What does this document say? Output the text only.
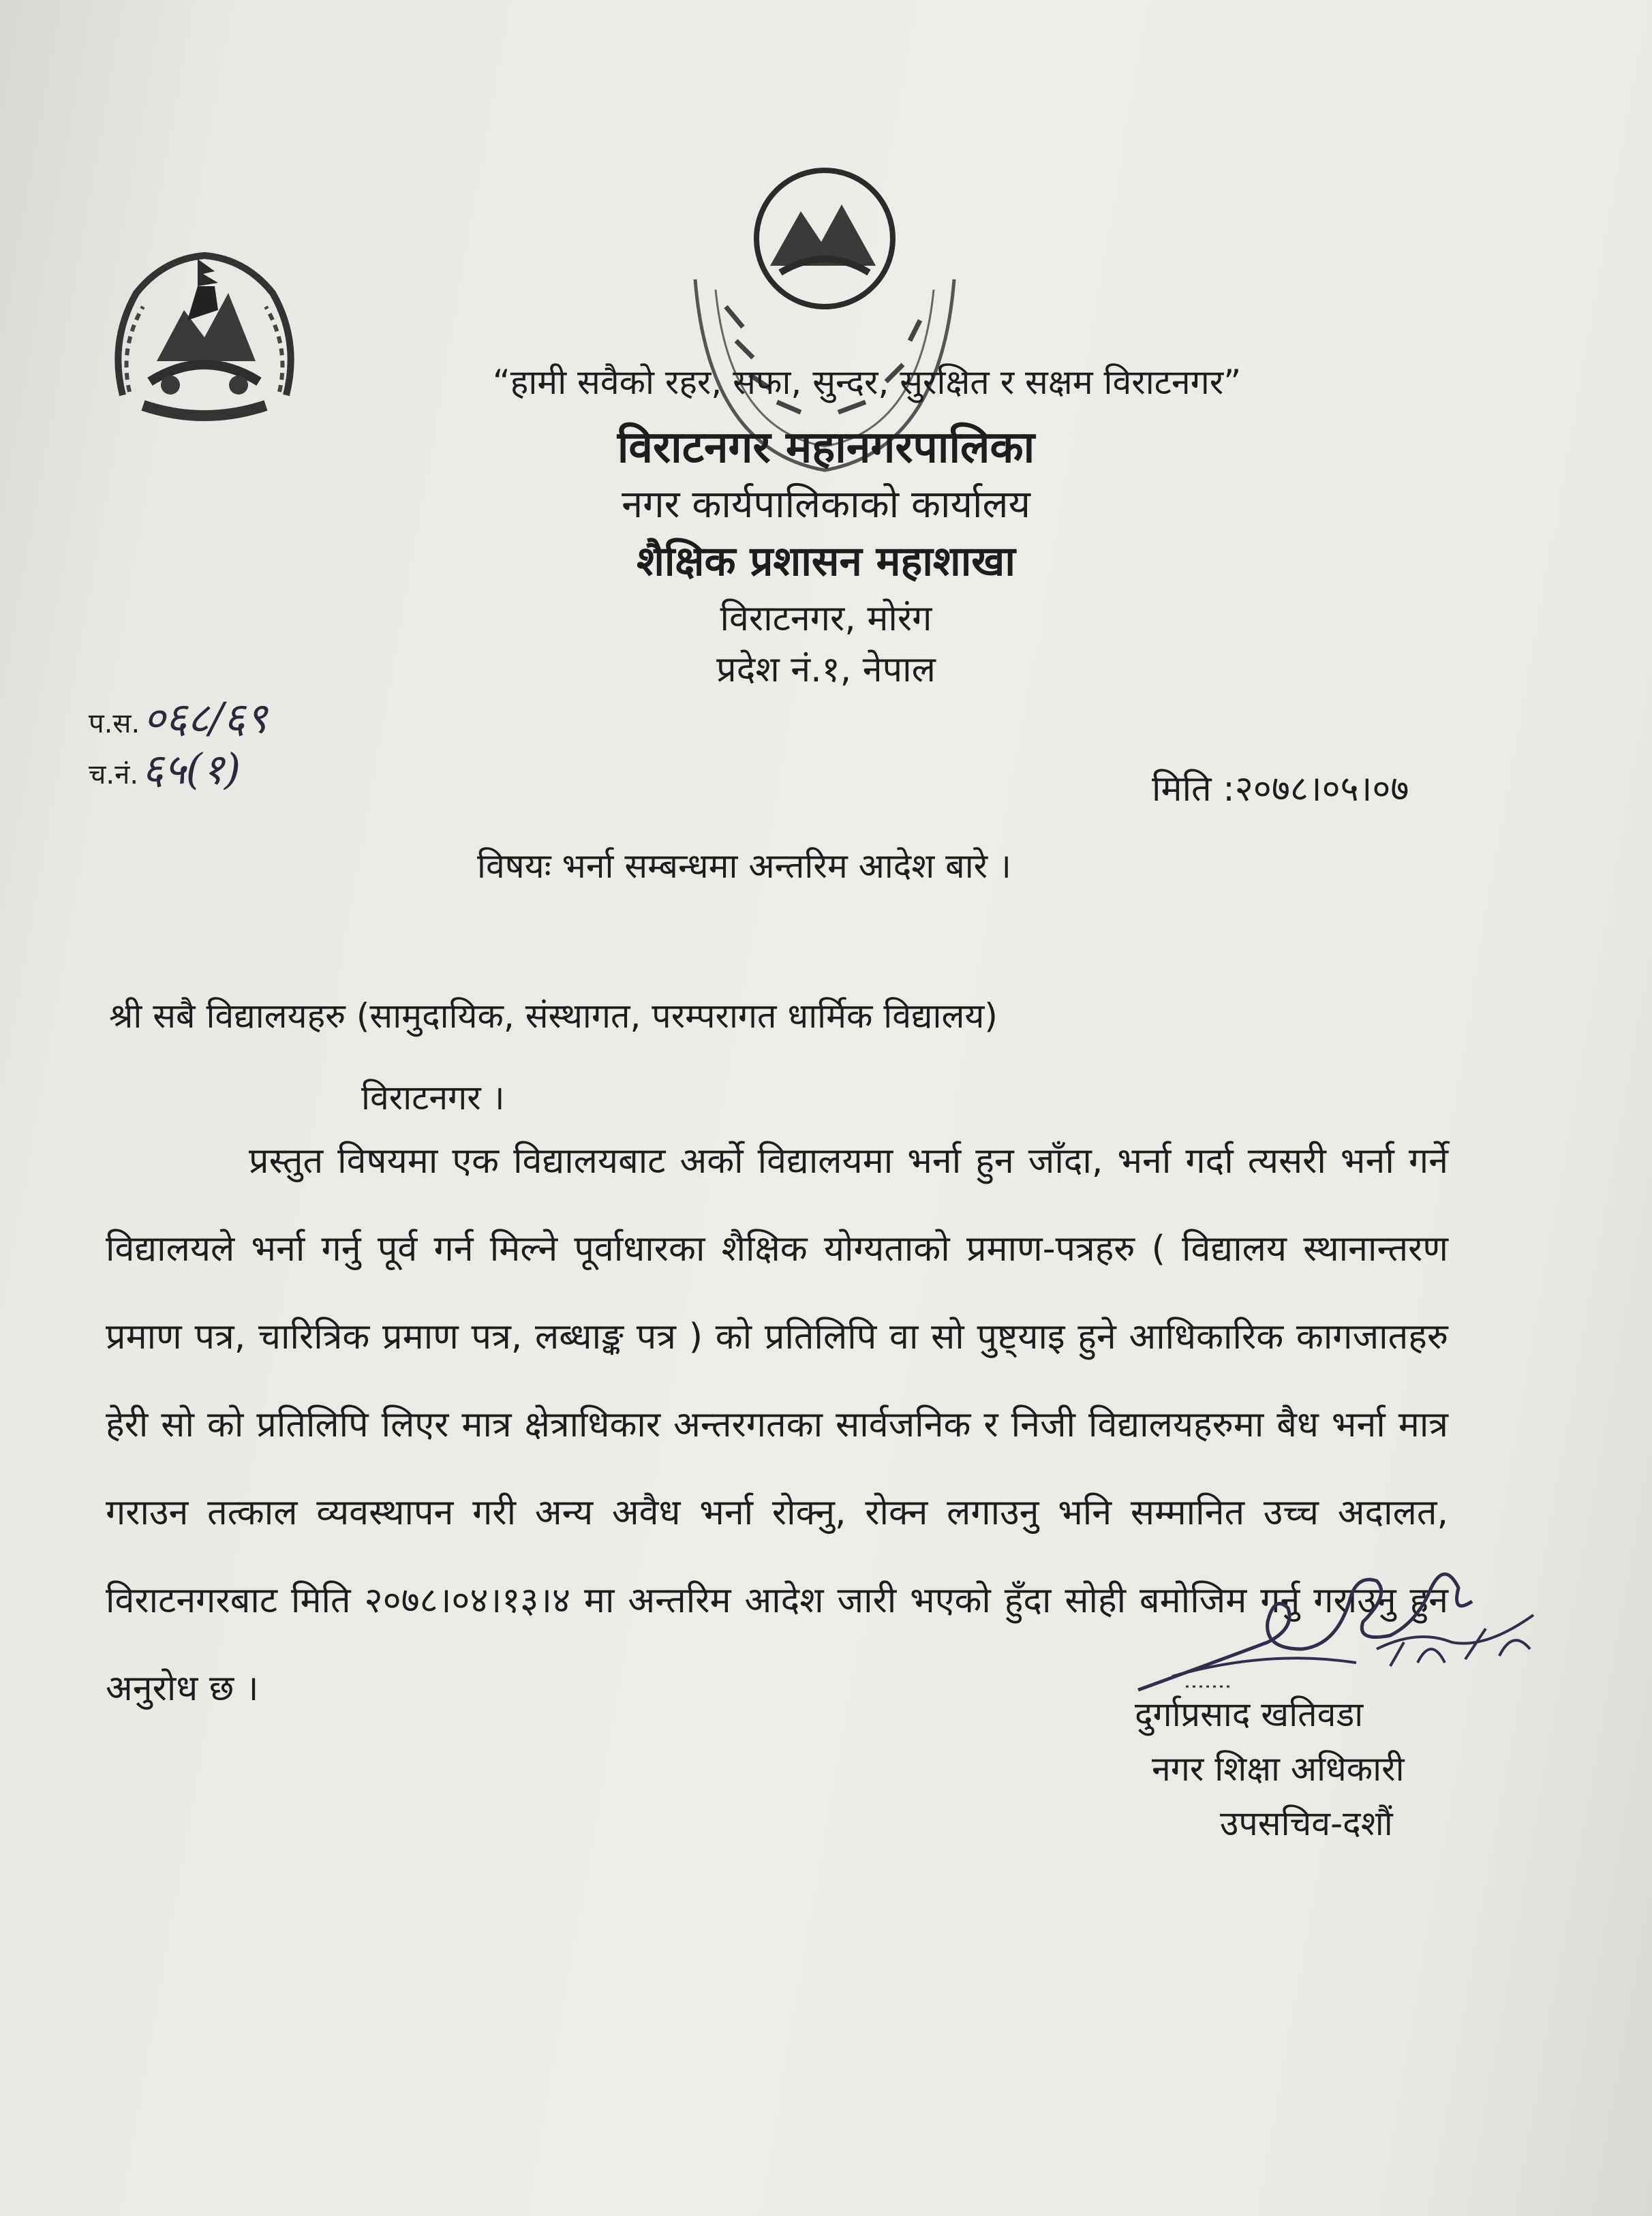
“हामी सवैको रहर, सफा, सुन्दर, सुरक्षित र सक्षम विराटनगर”
विराटनगर महानगरपालिका
नगर कार्यपालिकाको कार्यालय
शैक्षिक प्रशासन महाशाखा
विराटनगर, मोरंग
प्रदेश नं.१, नेपाल
प.स. ०६८/६९
च.नं. ६५(१)	मिति :२०७८।०५।०७
विषयः भर्ना सम्बन्धमा अन्तरिम आदेश बारे ।
श्री सबै विद्यालयहरु (सामुदायिक, संस्थागत, परम्परागत धार्मिक विद्यालय)
विराटनगर ।
प्रस्तुत विषयमा एक विद्यालयबाट अर्को विद्यालयमा भर्ना हुन जाँदा, भर्ना गर्दा त्यसरी भर्ना गर्ने विद्यालयले भर्ना गर्नु पूर्व गर्न मिल्ने पूर्वाधारका शैक्षिक योग्यताको प्रमाण-पत्रहरु ( विद्यालय स्थानान्तरण प्रमाण पत्र, चारित्रिक प्रमाण पत्र, लब्धाङ्क पत्र ) को प्रतिलिपि वा सो पुष्ट्याइ हुने आधिकारिक कागजातहरु हेरी सो को प्रतिलिपि लिएर मात्र क्षेत्राधिकार अन्तरगतका सार्वजनिक र निजी विद्यालयहरुमा बैध भर्ना मात्र गराउन तत्काल व्यवस्थापन गरी अन्य अवैध भर्ना रोक्नु, रोक्न लगाउनु भनि सम्मानित उच्च अदालत, विराटनगरबाट मिति २०७८।०४।१३।४ मा अन्तरिम आदेश जारी भएको हुँदा सोही बमोजिम गर्नु गराउनु हुन अनुरोध छ ।
दुर्गाप्रसाद खतिवडा
नगर शिक्षा अधिकारी
उपसचिव-दशौं
